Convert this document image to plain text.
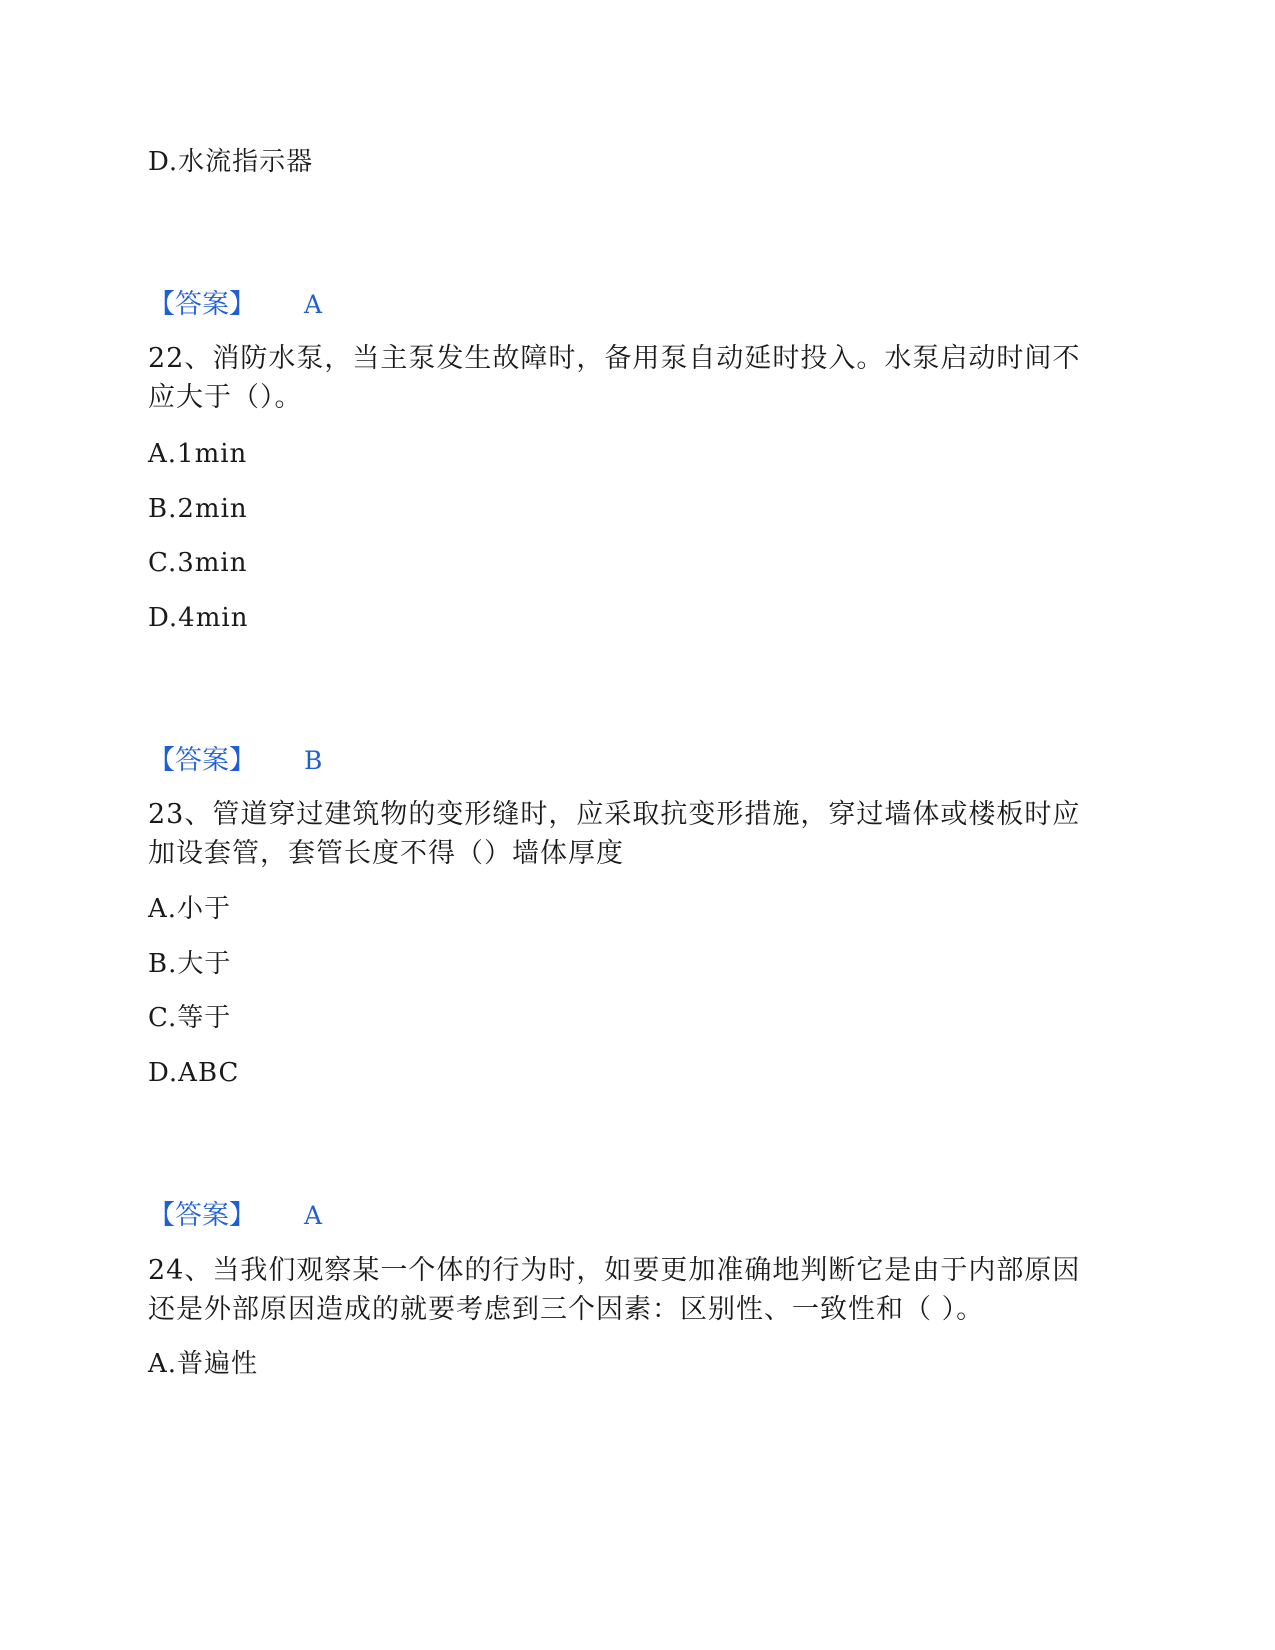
D.水流指示器
【答案】 A
22、消防水泵，当主泵发生故障时，备用泵自动延时投入。水泵启动时间不
应大于（）。
A.1min
B.2min
C.3min
D.4min
【答案】 B
23、管道穿过建筑物的变形缝时，应采取抗变形措施，穿过墙体或楼板时应
加设套管，套管长度不得（）墙体厚度
A.小于
B.大于
C.等于
D.ABC
【答案】 A
24、当我们观察某一个体的行为时，如要更加准确地判断它是由于内部原因
还是外部原因造成的就要考虑到三个因素：区别性、一致性和（ ）。
A.普遍性
